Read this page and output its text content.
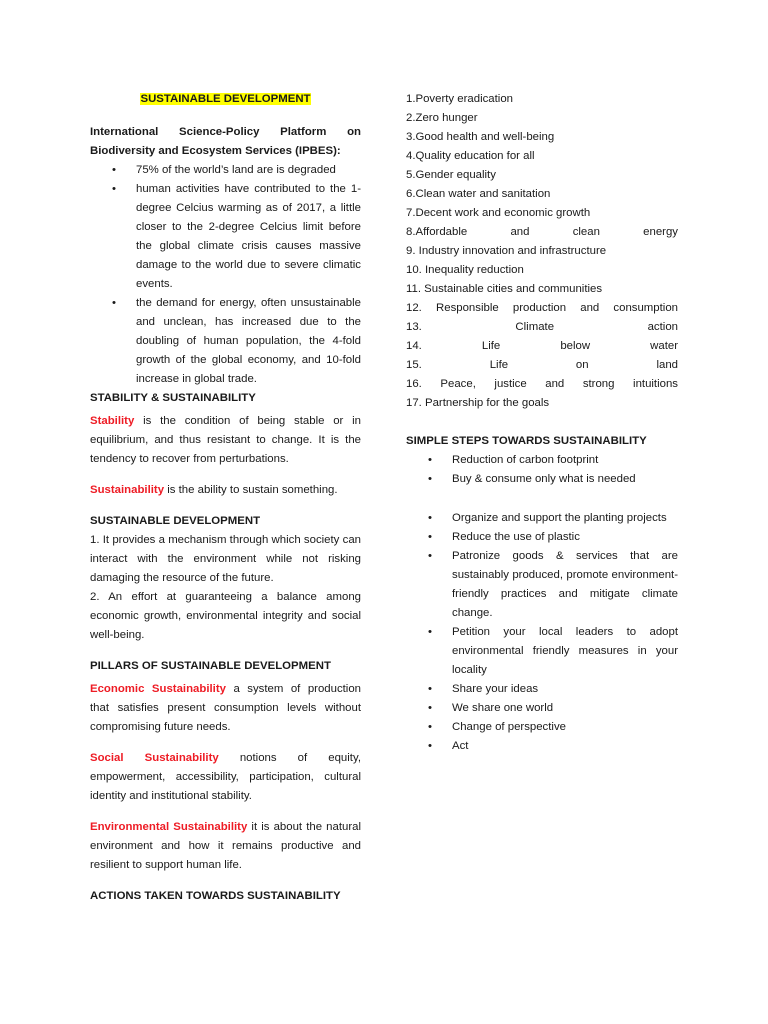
SUSTAINABLE DEVELOPMENT

International Science-Policy Platform on Biodiversity and Ecosystem Services (IPBES):

• 75% of the world’s land are is degraded
• human activities have contributed to the 1-degree Celcius warming as of 2017, a little closer to the 2-degree Celcius limit before the global climate crisis causes massive damage to the world due to severe climatic events.
• the demand for energy, often unsustainable and unclean, has increased due to the doubling of human population, the 4-fold growth of the global economy, and 10-fold increase in global trade.

STABILITY & SUSTAINABILITY

Stability is the condition of being stable or in equilibrium, and thus resistant to change. It is the tendency to recover from perturbations.

Sustainability is the ability to sustain something.

SUSTAINABLE DEVELOPMENT

1. It provides a mechanism through which society can interact with the environment while not risking damaging the resource of the future.

2. An effort at guaranteeing a balance among economic growth, environmental integrity and social well-being.

PILLARS OF SUSTAINABLE DEVELOPMENT

Economic Sustainability a system of production that satisfies present consumption levels without compromising future needs.

Social Sustainability notions of equity, empowerment, accessibility, participation, cultural identity and institutional stability.

Environmental Sustainability it is about the natural environment and how it remains productive and resilient to support human life.

ACTIONS TAKEN TOWARDS SUSTAINABILITY

1.Poverty eradication
2.Zero hunger
3.Good health and well-being
4.Quality education for all
5.Gender equality
6.Clean water and sanitation
7.Decent work and economic growth
8.Affordable and clean energy
9. Industry innovation and infrastructure
10. Inequality reduction
11. Sustainable cities and communities
12. Responsible production and consumption
13. Climate action
14. Life below water
15. Life on land
16. Peace, justice and strong intuitions
17. Partnership for the goals

SIMPLE STEPS TOWARDS SUSTAINABILITY

• Reduction of carbon footprint
• Buy & consume only what is needed
• Organize and support the planting projects
• Reduce the use of plastic
• Patronize goods & services that are sustainably produced, promote environment-friendly practices and mitigate climate change.
• Petition your local leaders to adopt environmental friendly measures in your locality
• Share your ideas
• We share one world
• Change of perspective
• Act
